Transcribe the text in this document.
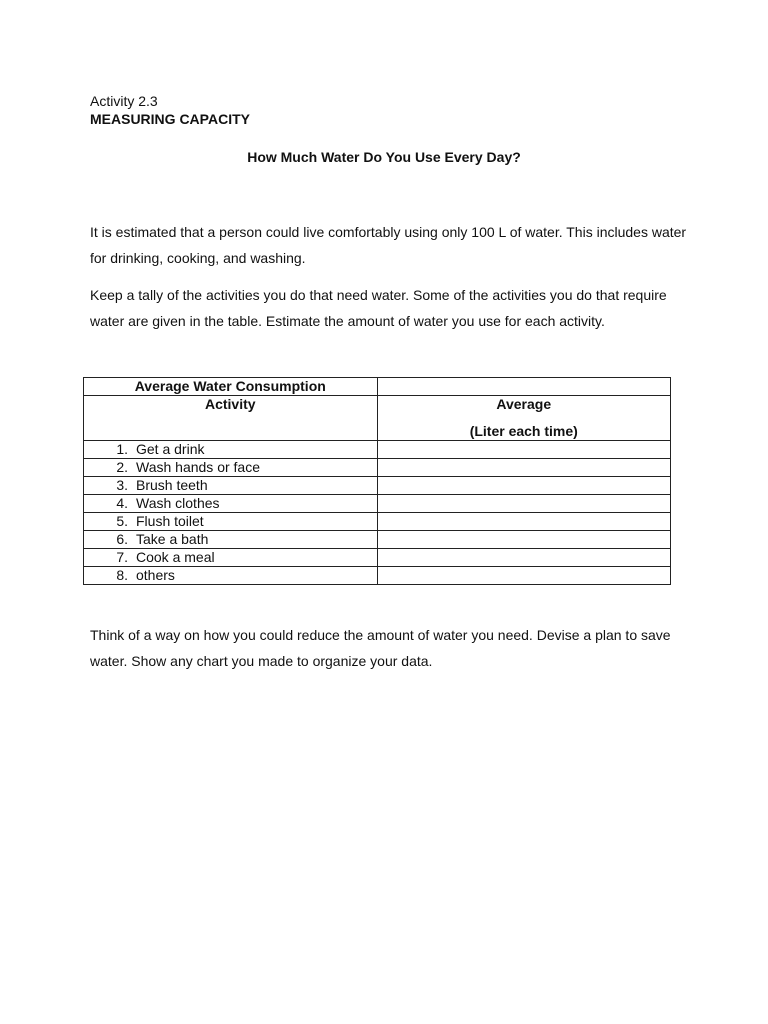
Activity 2.3
MEASURING CAPACITY
How Much Water Do You Use Every Day?

It is estimated that a person could live comfortably using only 100 L of water. This includes water for drinking, cooking, and washing.

Keep a tally of the activities you do that need water. Some of the activities you do that require water are given in the table. Estimate the amount of water you use for each activity.

Average Water Consumption	

Activity	Average
(Liter each time)

1. Get a drink	
2. Wash hands or face	
3. Brush teeth	
4. Wash clothes	
5. Flush toilet	
6. Take a bath	
7. Cook a meal	
8. others	

Think of a way on how you could reduce the amount of water you need. Devise a plan to save water. Show any chart you made to organize your data.
